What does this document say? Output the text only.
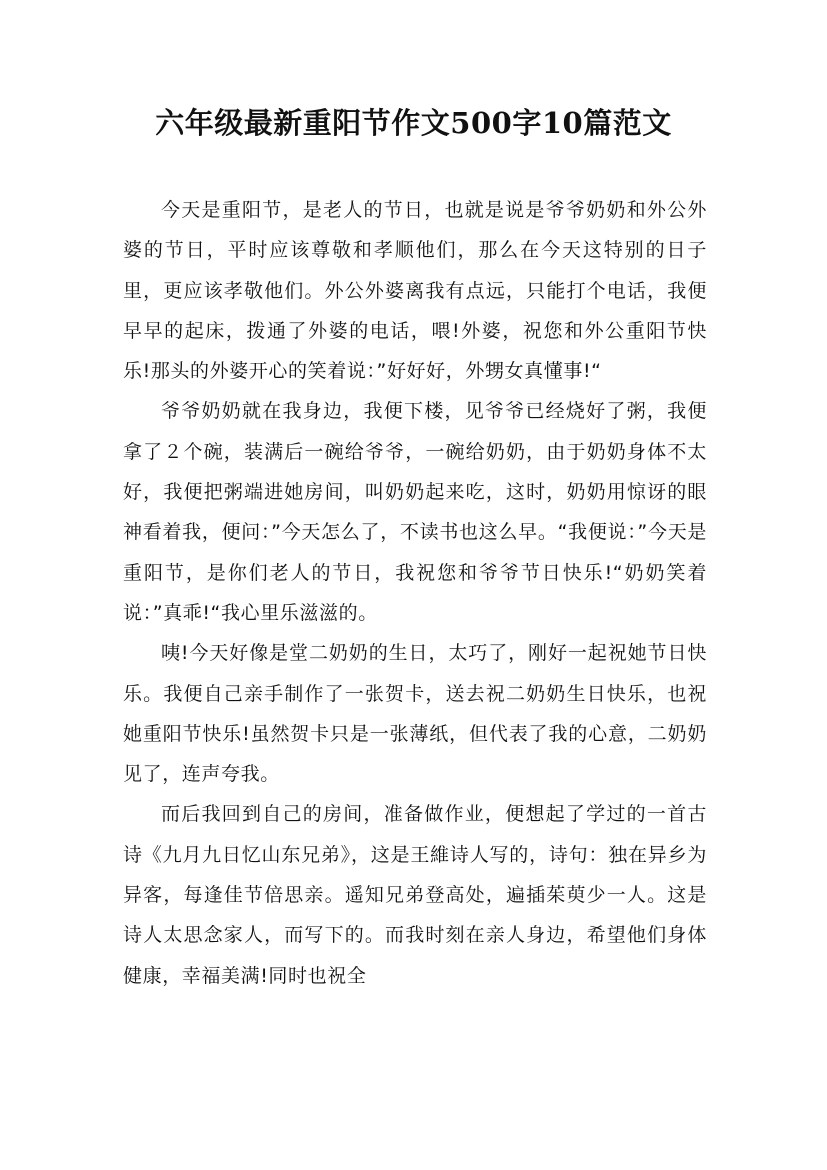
六年级最新重阳节作文500字10篇范文

今天是重阳节，是老人的节日，也就是说是爷爷奶奶和外公外婆的节日，平时应该尊敬和孝顺他们，那么在今天这特别的日子里，更应该孝敬他们。外公外婆离我有点远，只能打个电话，我便早早的起床，拨通了外婆的电话，喂!外婆，祝您和外公重阳节快乐!那头的外婆开心的笑着说：”好好好，外甥女真懂事!“

爷爷奶奶就在我身边，我便下楼，见爷爷已经烧好了粥，我便拿了２个碗，装满后一碗给爷爷，一碗给奶奶，由于奶奶身体不太好，我便把粥端进她房间，叫奶奶起来吃，这时，奶奶用惊讶的眼神看着我，便问：”今天怎么了，不读书也这么早。“我便说：”今天是重阳节，是你们老人的节日，我祝您和爷爷节日快乐!“奶奶笑着说：”真乖!“我心里乐滋滋的。

咦!今天好像是堂二奶奶的生日，太巧了，刚好一起祝她节日快乐。我便自己亲手制作了一张贺卡，送去祝二奶奶生日快乐，也祝她重阳节快乐!虽然贺卡只是一张薄纸，但代表了我的心意，二奶奶见了，连声夸我。

而后我回到自己的房间，准备做作业，便想起了学过的一首古诗《九月九日忆山东兄弟》，这是王維诗人写的，诗句：独在异乡为异客，每逢佳节倍思亲。遥知兄弟登高处，遍插茱萸少一人。这是诗人太思念家人，而写下的。而我时刻在亲人身边，希望他们身体健康，幸福美满!同时也祝全
